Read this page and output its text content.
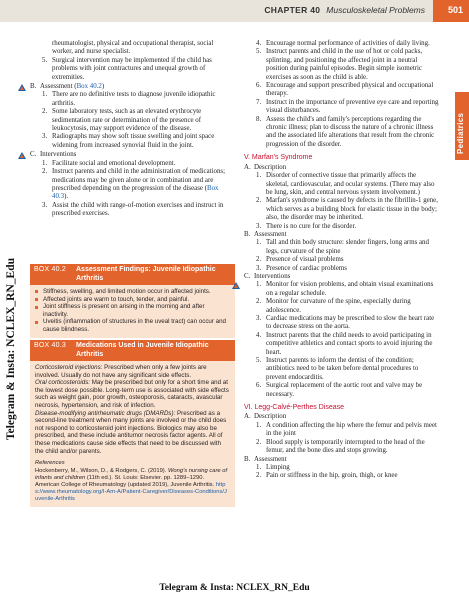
CHAPTER 40 Musculoskeletal Problems	501
Pediatrics
Telegram & Insta: NCLEX_RN_Edu
rheumatologist, physical and occupational therapist, social worker, and nurse specialist.
5. Surgical intervention may be implemented if the child has problems with joint contractures and unequal growth of extremities.
B. Assessment (Box 40.2)
1. There are no definitive tests to diagnose juvenile idiopathic arthritis.
2. Some laboratory tests, such as an elevated erythrocyte sedimentation rate or determination of the presence of leukocytosis, may support evidence of the disease.
3. Radiographs may show soft tissue swelling and joint space widening from increased synovial fluid in the joint.
C. Interventions
1. Facilitate social and emotional development.
2. Instruct parents and child in the administration of medications; medications may be given alone or in combination and are prescribed depending on the progression of the disease (Box 40.3).
3. Assist the child with range-of-motion exercises and instruct in prescribed exercises.
BOX 40.2 Assessment Findings: Juvenile Idiopathic Arthritis
Stiffness, swelling, and limited motion occur in affected joints.
Affected joints are warm to touch, tender, and painful.
Joint stiffness is present on arising in the morning and after inactivity.
Uveitis (inflammation of structures in the uveal tract) can occur and cause blindness.
BOX 40.3 Medications Used in Juvenile Idiopathic Arthritis
Corticosteroid injections: Prescribed when only a few joints are involved. Usually do not have any significant side effects.
Oral corticosteroids: May be prescribed but only for a short time and at the lowest dose possible. Long-term use is associated with side effects such as weight gain, poor growth, osteoporosis, cataracts, avascular necrosis, hypertension, and risk of infection.
Disease-modifying antirheumatic drugs (DMARDs): Prescribed as a second-line treatment when many joints are involved or the child does not respond to corticosteroid joint injections. Biologics may also be prescribed, and these include antitumor necrosis factor agents. All of these medications cause side effects that need to be discussed with the child and/or parents.
References
Hockenberry, M., Wilson, D., & Rodgers, C. (2019). Wong's nursing care of infants and children (11th ed.). St. Louis: Elsevier. pp. 1289–1290.
American College of Rheumatology (updated 2019), Juvenile Arthritis. https://www.rheumatology.org/I-Am-A/Patient-Caregiver/Diseases-Conditions/Juvenile-Arthritis
4. Encourage normal performance of activities of daily living.
5. Instruct parents and child in the use of hot or cold packs, splinting, and positioning the affected joint in a neutral position during painful episodes. Begin simple isometric exercises as soon as the child is able.
6. Encourage and support prescribed physical and occupational therapy.
7. Instruct in the importance of preventive eye care and reporting visual disturbances.
8. Assess the child's and family's perceptions regarding the chronic illness; plan to discuss the nature of a chronic illness and the associated life alterations that result from the chronic progression of the disorder.
V. Marfan's Syndrome
A. Description
1. Disorder of connective tissue that primarily affects the skeletal, cardiovascular, and ocular systems. (There may also be lung, skin, and central nervous system involvement.)
2. Marfan's syndrome is caused by defects in the fibrillin-1 gene, which serves as a building block for elastic tissue in the body; also, the disorder may be inherited.
3. There is no cure for the disorder.
B. Assessment
1. Tall and thin body structure: slender fingers, long arms and legs, curvature of the spine
2. Presence of visual problems
3. Presence of cardiac problems
C. Interventions
1. Monitor for vision problems, and obtain visual examinations on a regular schedule.
2. Monitor for curvature of the spine, especially during adolescence.
3. Cardiac medications may be prescribed to slow the heart rate to decrease stress on the aorta.
4. Instruct parents that the child needs to avoid participating in competitive athletics and contact sports to avoid injuring the heart.
5. Instruct parents to inform the dentist of the condition; antibiotics need to be taken before dental procedures to prevent endocarditis.
6. Surgical replacement of the aortic root and valve may be necessary.
VI. Legg-Calvé-Perthes Disease
A. Description
1. A condition affecting the hip where the femur and pelvis meet in the joint
2. Blood supply is temporarily interrupted to the head of the femur, and the bone dies and stops growing.
B. Assessment
1. Limping
2. Pain or stiffness in the hip, groin, thigh, or knee
Telegram & Insta: NCLEX_RN_Edu
